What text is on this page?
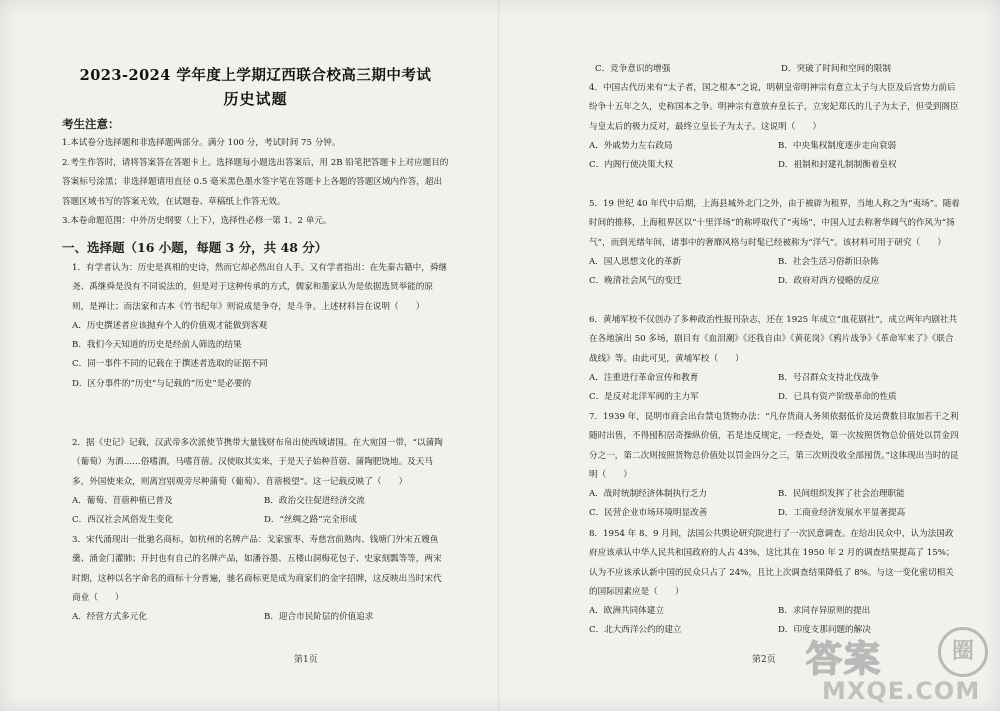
2023-2024 学年度上学期辽西联合校高三期中考试
历史试题
考生注意：

1.本试卷分选择题和非选择题两部分。满分 100 分，考试时间 75 分钟。

2.考生作答时，请将答案答在答题卡上。选择题每小题选出答案后，用 2B 铅笔把答题卡上对应题目的答案标号涂黑；非选择题请用直径 0.5 毫米黑色墨水签字笔在答题卡上各题的答题区域内作答，超出答题区域书写的答案无效，在试题卷、草稿纸上作答无效。

3.本卷命题范围：中外历史纲要（上下），选择性必修一第 1、2 单元。

一、选择题（16 小题，每题 3 分，共 48 分）

1．有学者认为：历史是真相的史诗，然而它却必然出自人手。又有学者指出：在先秦古籍中，舜继尧、禹继舜是没有不同说法的，但是对于这种传承的方式，儒家和墨家认为是依据选贤举能的原则，是禅让；而法家和古本《竹书纪年》则说成是争夺，是斗争。上述材料旨在说明（　　）

A．历史撰述者应该抛弃个人的价值观才能做到客观
B．我们今天知道的历史是经前人筛选的结果
C．同一事件不同的记载在于撰述者选取的证据不同
D．区分事件的“历史”与记载的“历史”是必要的

2．据《史记》记载，汉武帝多次派使节携带大量钱财布帛出使西域诸国。在大宛国一带，“以蒲陶（葡萄）为酒……俗嗜酒，马嗜苜蓿。汉使取其实来，于是天子始种苜蓿、蒲陶肥饶地。及天马多，外国使来众，则离宫别观旁尽种蒲萄（葡萄）、苜蓿极望”。这一记载反映了（　　）

A．葡萄、苜蓿种植已普及	B．政治交往促进经济交流
C．西汉社会风俗发生变化	D．“丝绸之路”完全形成

3．宋代涌现出一批驰名商标，如杭州的名牌产品：戈家蜜枣、寿慈宫前熟肉、钱塘门外宋五嫂鱼羹、涌金门灌肺；开封也有自己的名牌产品，如潘谷墨、五楼山洞梅花包子、史家刻瓢等等，两宋时期，这种以名字命名的商标十分普遍，驰名商标更是成为商家们的金字招牌，这反映出当时宋代商业（　　）

A．经营方式多元化	B．迎合市民阶层的价值追求
第1页
C．竞争意识的增强	D．突破了时间和空间的限制

4．中国古代历来有“太子者，国之根本”之说，明朝皇帝明神宗有意立太子与大臣及后宫势力前后纷争十五年之久，史称国本之争。明神宗有意放弃皇长子，立宠妃郑氏的儿子为太子，但受到阁臣与皇太后的极力反对，最终立皇长子为太子。这说明（　　）

A．外戚势力左右政局	B．中央集权制度逐步走向衰弱
C．内阁行使决策大权	D．祖制和封建礼制制衡着皇权

5．19 世纪 40 年代中后期，上海县城外北门之外，由于被辟为租界，当地人称之为“夷场”。随着时间的推移，上海租界区以“十里洋场”的称呼取代了“夷场”，中国人过去称奢华阔气的作风为“扬气”，而到光绪年间，诸事中的奢靡风格与时髦已经被称为“洋气”。该材料可用于研究（　　）

A．国人思想文化的革新	B．社会生活习俗新旧杂陈
C．晚清社会风气的变迁	D．政府对西方侵略的反应

6．黄埔军校不仅创办了多种政治性报刊杂志，还在 1925 年成立“血花剧社”，成立两年内剧社共在各地演出 50 多场，剧目有《血泪潮》《还我自由》《黄花岗》《鸦片战争》《革命军来了》《联合战线》等。由此可见，黄埔军校（　　）

A．注重进行革命宣传和教育	B．号召群众支持北伐战争
C．是反对北洋军阀的主力军	D．已具有资产阶级革命的性质

7．1939 年，昆明市商会出台禁屯货物办法：“凡存货商人务须依据低价及运费数目取加若干之利随时出售，不得囤积居奇操纵价值，若是违反规定，一经查处，第一次按照货物总价值处以罚金四分之一，第二次则按照货物总价值处以罚金四分之三，第三次则没收全部囤货。”这体现出当时的昆明（　　）

A．战时统制经济体制执行乏力	B．民间组织发挥了社会治理职能
C．民营企业市场环境明显改善	D．工商业经济发展水平显著提高

8．1954 年 8、9 月间，法国公共舆论研究院进行了一次民意调查。在给出民众中，认为法国政府应该承认中华人民共和国政府的人占 43%，这比其在 1950 年 2 月的调查结果提高了 15%；认为不应该承认新中国的民众只占了 24%，且比上次调查结果降低了 8%。与这一变化密切相关的国际因素应是（　　）

A．欧洲共同体建立	B．求同存异原则的提出
C．北大西洋公约的建立	D．印度支那问题的解决
第2页 答案	圈
MXQE.COM
